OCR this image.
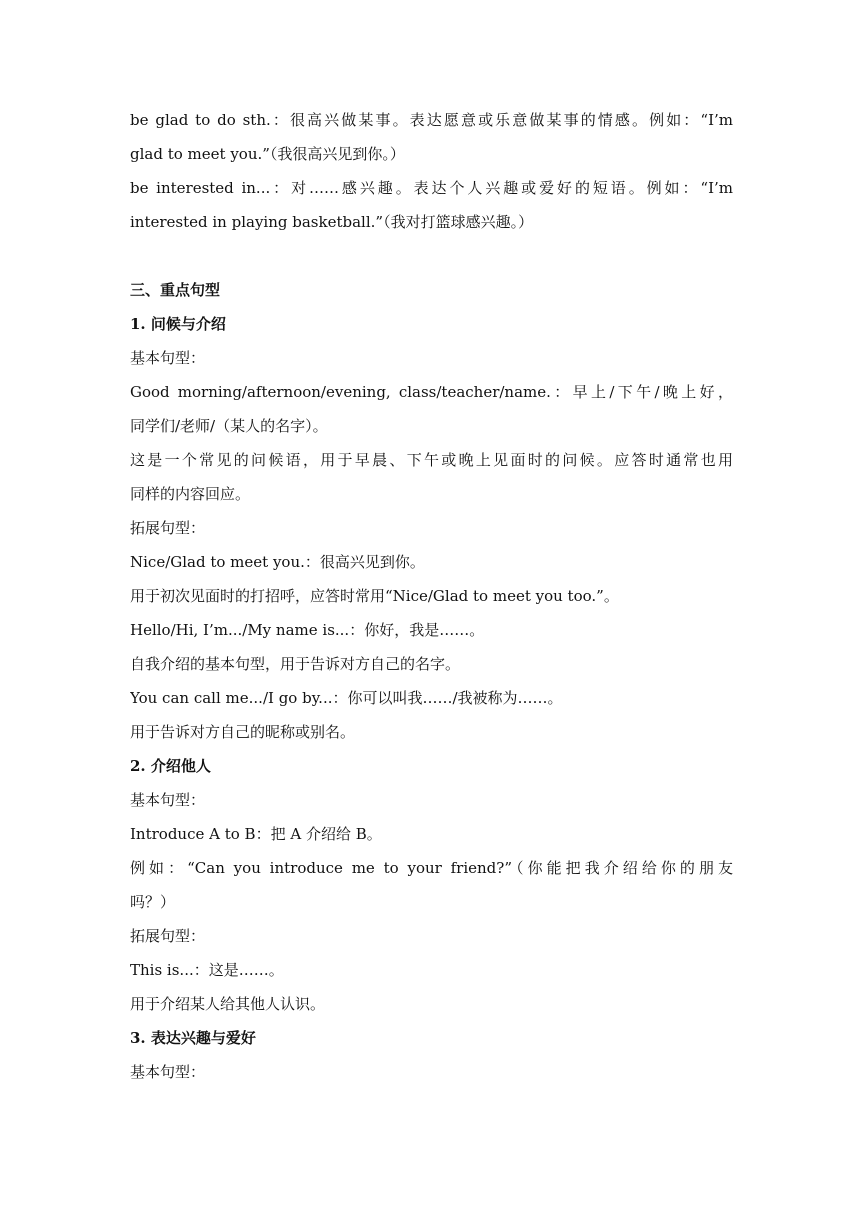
be glad to do sth.：很高兴做某事。表达愿意或乐意做某事的情感。例如：“I’m
glad to meet you.”（我很高兴见到你。）
be interested in...：对……感兴趣。表达个人兴趣或爱好的短语。例如：“I’m
interested in playing basketball.”（我对打篮球感兴趣。）
三、重点句型
1. 问候与介绍
基本句型：
Good morning/afternoon/evening, class/teacher/name.：早上/下午/晚上好，
同学们/老师/（某人的名字）。
这是一个常见的问候语，用于早晨、下午或晚上见面时的问候。应答时通常也用
同样的内容回应。
拓展句型：
Nice/Glad to meet you.：很高兴见到你。
用于初次见面时的打招呼，应答时常用“Nice/Glad to meet you too.”。
Hello/Hi, I’m.../My name is...：你好，我是……。
自我介绍的基本句型，用于告诉对方自己的名字。
You can call me.../I go by...：你可以叫我……/我被称为……。
用于告诉对方自己的昵称或别名。
2. 介绍他人
基本句型：
Introduce A to B：把 A 介绍给 B。
例如：“Can you introduce me to your friend?”（你能把我介绍给你的朋友
吗？）
拓展句型：
This is...：这是……。
用于介绍某人给其他人认识。
3. 表达兴趣与爱好
基本句型：
